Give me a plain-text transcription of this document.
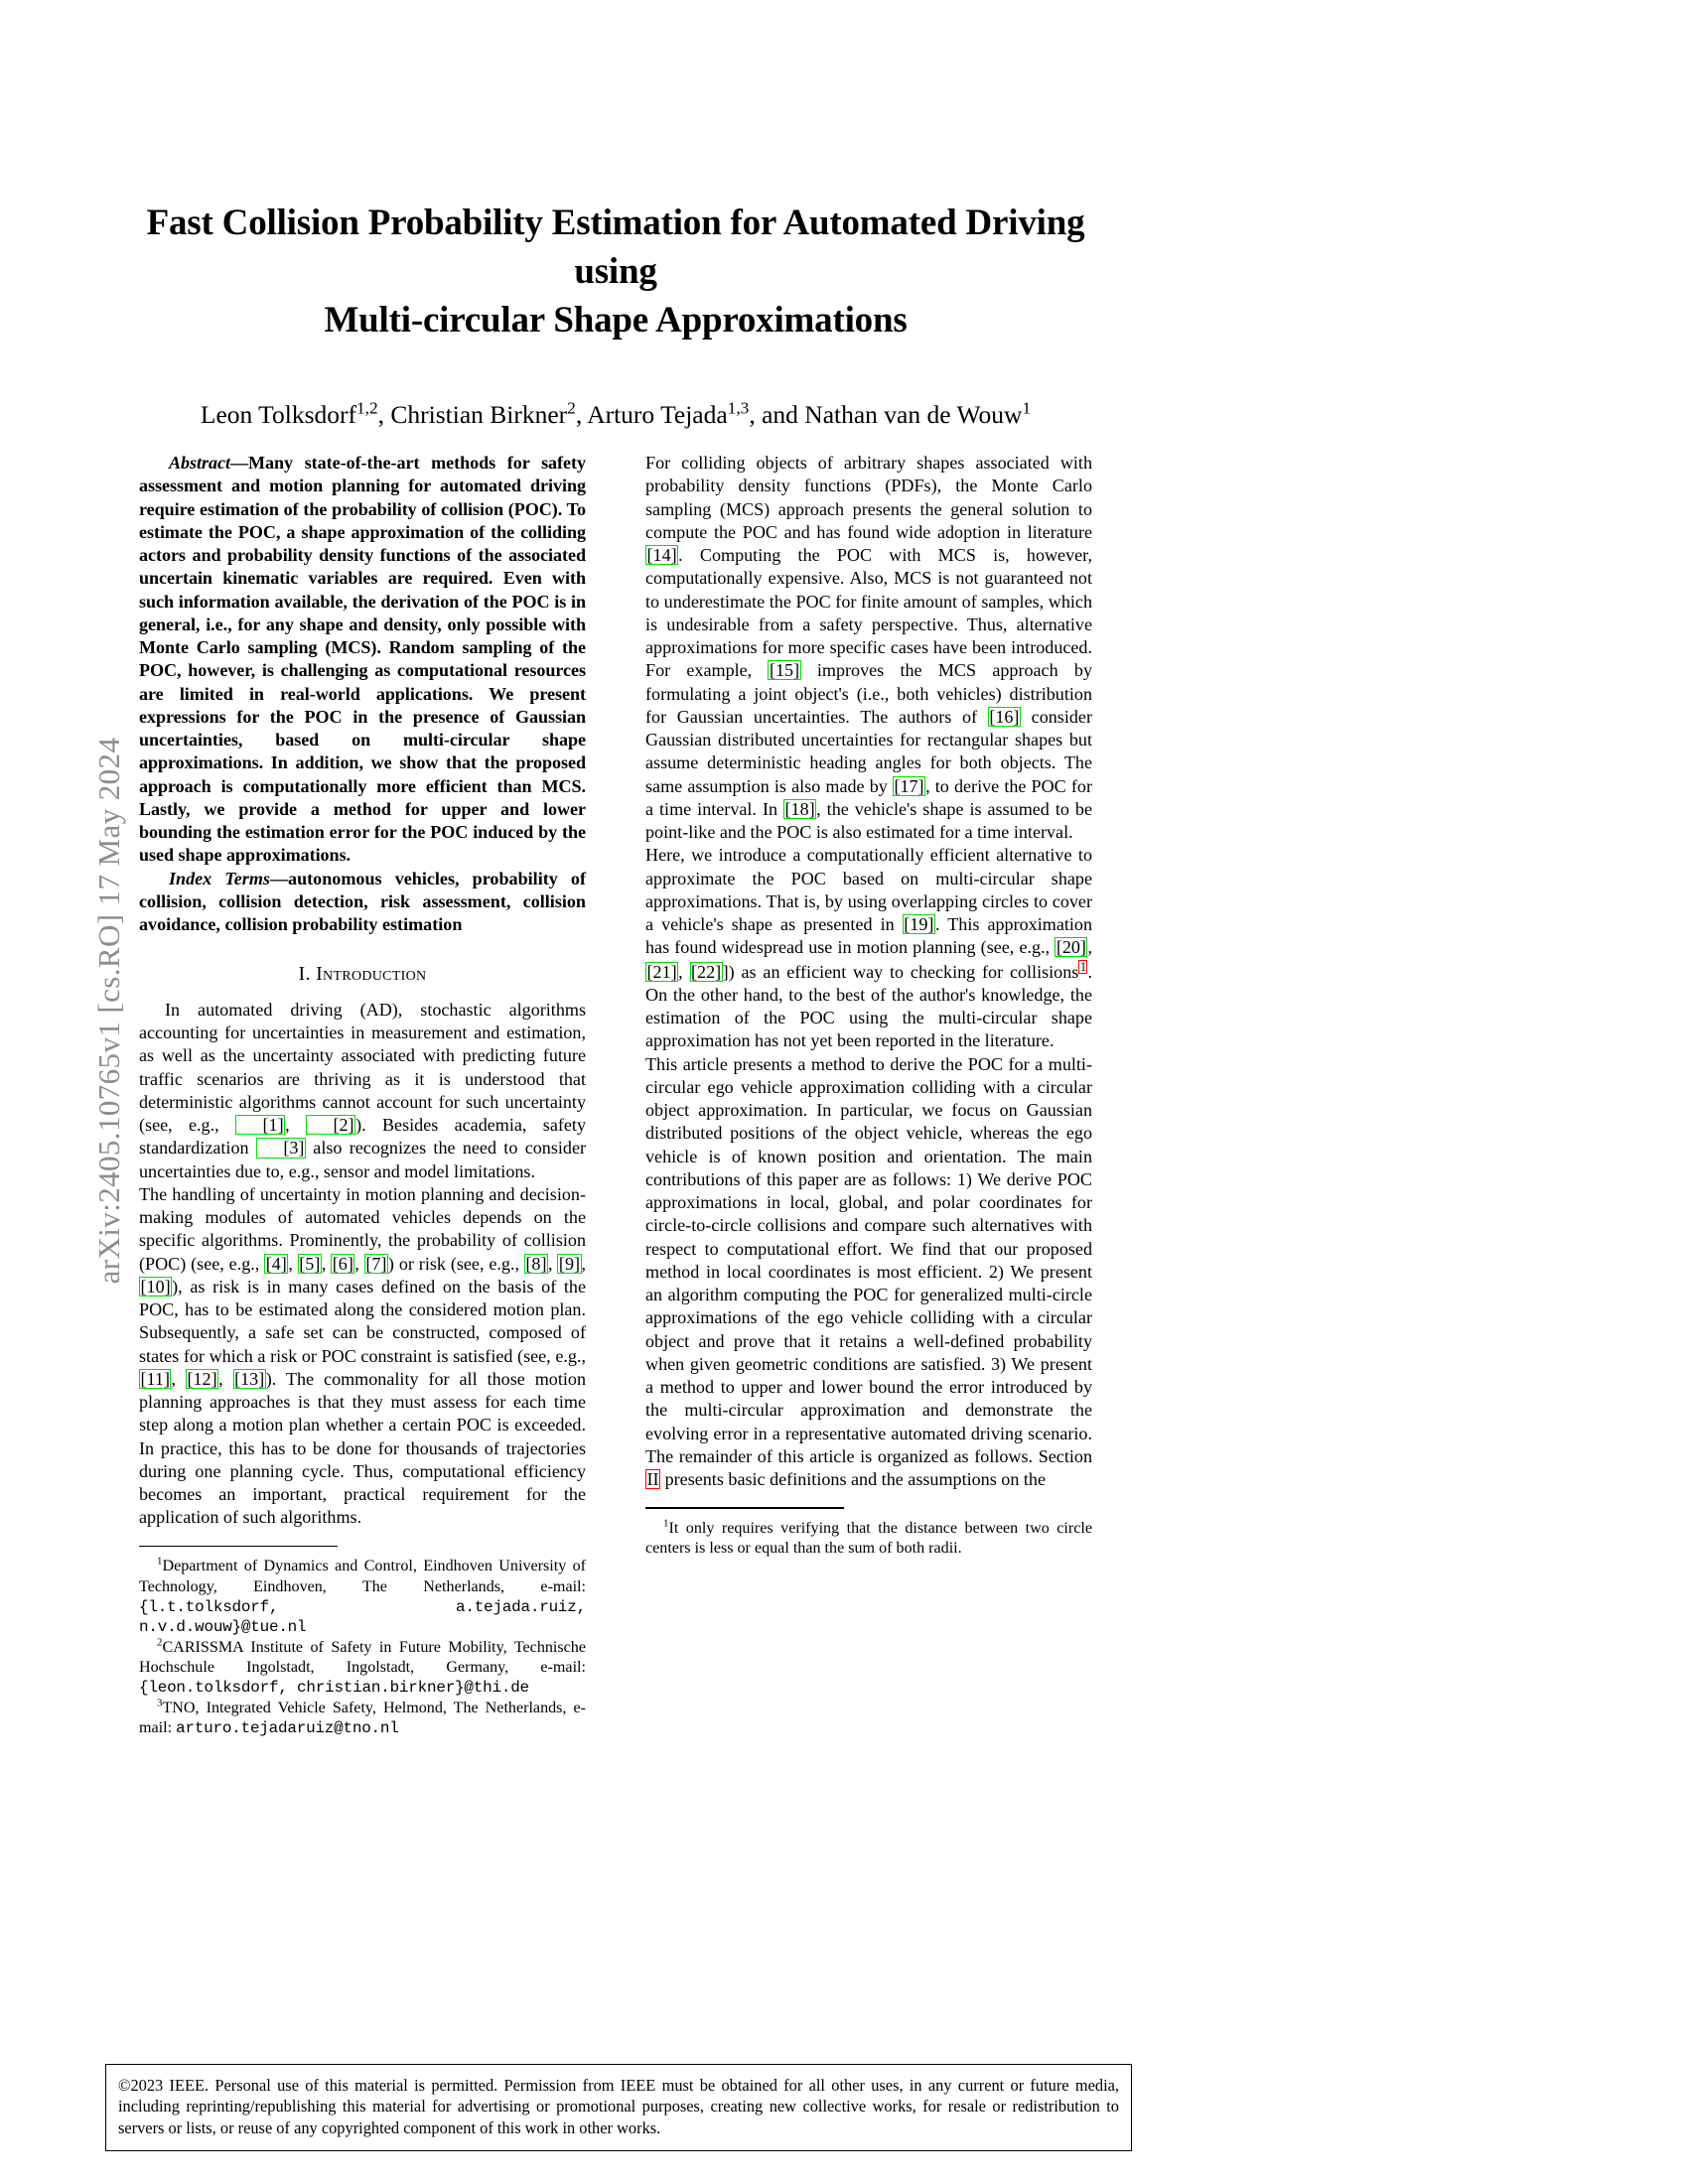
arXiv:2405.10765v1 [cs.RO] 17 May 2024
Fast Collision Probability Estimation for Automated Driving using
Multi-circular Shape Approximations
Leon Tolksdorf$^{1,2}$, Christian Birkner$^2$, Arturo Tejada$^{1,3}$, and Nathan van de Wouw$^1$

Abstract—Many state-of-the-art methods for safety assessment and motion planning for automated driving require estimation of the probability of collision (POC). To estimate the POC, a shape approximation of the colliding actors and probability density functions of the associated uncertain kinematic variables are required. Even with such information available, the derivation of the POC is in general, i.e., for any shape and density, only possible with Monte Carlo sampling (MCS). Random sampling of the POC, however, is challenging as computational resources are limited in real-world applications. We present expressions for the POC in the presence of Gaussian uncertainties, based on multi-circular shape approximations. In addition, we show that the proposed approach is computationally more efficient than MCS. Lastly, we provide a method for upper and lower bounding the estimation error for the POC induced by the used shape approximations.

Index Terms—autonomous vehicles, probability of collision, collision detection, risk assessment, collision avoidance, collision probability estimation

I. Introduction

In automated driving (AD), stochastic algorithms accounting for uncertainties in measurement and estimation, as well as the uncertainty associated with predicting future traffic scenarios are thriving as it is understood that deterministic algorithms cannot account for such uncertainty (see, e.g., [1], [2]). Besides academia, safety standardization [3] also recognizes the need to consider uncertainties due to, e.g., sensor and model limitations.

The handling of uncertainty in motion planning and decision-making modules of automated vehicles depends on the specific algorithms. Prominently, the probability of collision (POC) (see, e.g., [4], [5], [6], [7]) or risk (see, e.g., [8], [9], [10]), as risk is in many cases defined on the basis of the POC, has to be estimated along the considered motion plan. Subsequently, a safe set can be constructed, composed of states for which a risk or POC constraint is satisfied (see, e.g., [11], [12], [13]). The commonality for all those motion planning approaches is that they must assess for each time step along a motion plan whether a certain POC is exceeded. In practice, this has to be done for thousands of trajectories during one planning cycle. Thus, computational efficiency becomes an important, practical requirement for the application of such algorithms.

$^1$Department of Dynamics and Control, Eindhoven University of Technology, Eindhoven, The Netherlands, e-mail: {l.t.tolksdorf, a.tejada.ruiz, n.v.d.wouw}@tue.nl

$^2$CARISSMA Institute of Safety in Future Mobility, Technische Hochschule Ingolstadt, Ingolstadt, Germany, e-mail: {leon.tolksdorf, christian.birkner}@thi.de

$^3$TNO, Integrated Vehicle Safety, Helmond, The Netherlands, e-mail: arturo.tejadaruiz@tno.nl

For colliding objects of arbitrary shapes associated with probability density functions (PDFs), the Monte Carlo sampling (MCS) approach presents the general solution to compute the POC and has found wide adoption in literature [14]. Computing the POC with MCS is, however, computationally expensive. Also, MCS is not guaranteed not to underestimate the POC for finite amount of samples, which is undesirable from a safety perspective. Thus, alternative approximations for more specific cases have been introduced. For example, [15] improves the MCS approach by formulating a joint object's (i.e., both vehicles) distribution for Gaussian uncertainties. The authors of [16] consider Gaussian distributed uncertainties for rectangular shapes but assume deterministic heading angles for both objects. The same assumption is also made by [17], to derive the POC for a time interval. In [18], the vehicle's shape is assumed to be point-like and the POC is also estimated for a time interval.

Here, we introduce a computationally efficient alternative to approximate the POC based on multi-circular shape approximations. That is, by using overlapping circles to cover a vehicle's shape as presented in [19]. This approximation has found widespread use in motion planning (see, e.g., [20], [21], [22]]) as an efficient way to checking for collisions 1. On the other hand, to the best of the author's knowledge, the estimation of the POC using the multi-circular shape approximation has not yet been reported in the literature.

This article presents a method to derive the POC for a multi-circular ego vehicle approximation colliding with a circular object approximation. In particular, we focus on Gaussian distributed positions of the object vehicle, whereas the ego vehicle is of known position and orientation. The main contributions of this paper are as follows: 1) We derive POC approximations in local, global, and polar coordinates for circle-to-circle collisions and compare such alternatives with respect to computational effort. We find that our proposed method in local coordinates is most efficient. 2) We present an algorithm computing the POC for generalized multi-circle approximations of the ego vehicle colliding with a circular object and prove that it retains a well-defined probability when given geometric conditions are satisfied. 3) We present a method to upper and lower bound the error introduced by the multi-circular approximation and demonstrate the evolving error in a representative automated driving scenario. The remainder of this article is organized as follows. Section II presents basic definitions and the assumptions on the

$^1$It only requires verifying that the distance between two circle centers is less or equal than the sum of both radii.

©2023 IEEE. Personal use of this material is permitted. Permission from IEEE must be obtained for all other uses, in any current or future media, including reprinting/republishing this material for advertising or promotional purposes, creating new collective works, for resale or redistribution to servers or lists, or reuse of any copyrighted component of this work in other works.
